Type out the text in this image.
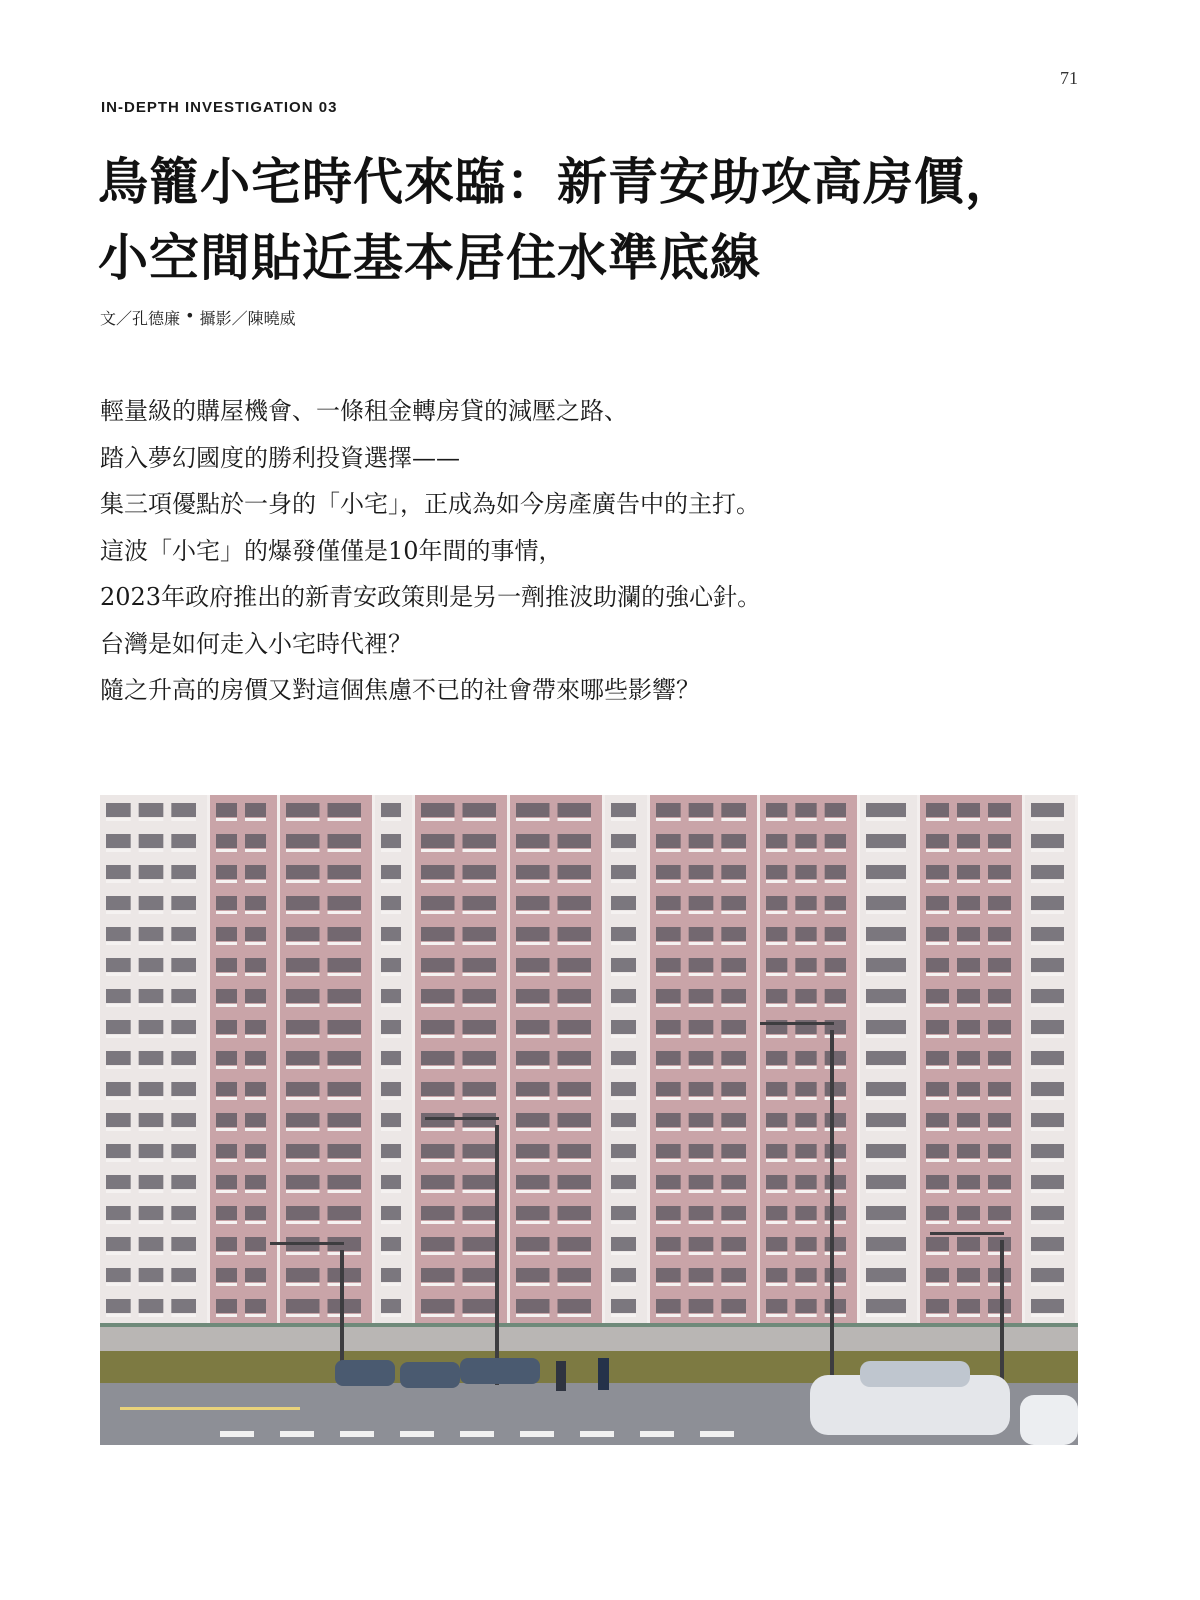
71
IN-DEPTH INVESTIGATION 03
鳥籠小宅時代來臨：新青安助攻高房價，
小空間貼近基本居住水準底線
文／孔德廉 • 攝影／陳曉威
輕量級的購屋機會、一條租金轉房貸的減壓之路、
踏入夢幻國度的勝利投資選擇——
集三項優點於一身的「小宅」，正成為如今房產廣告中的主打。
這波「小宅」的爆發僅僅是10年間的事情，
2023年政府推出的新青安政策則是另一劑推波助瀾的強心針。
台灣是如何走入小宅時代裡？
隨之升高的房價又對這個焦慮不已的社會帶來哪些影響？
